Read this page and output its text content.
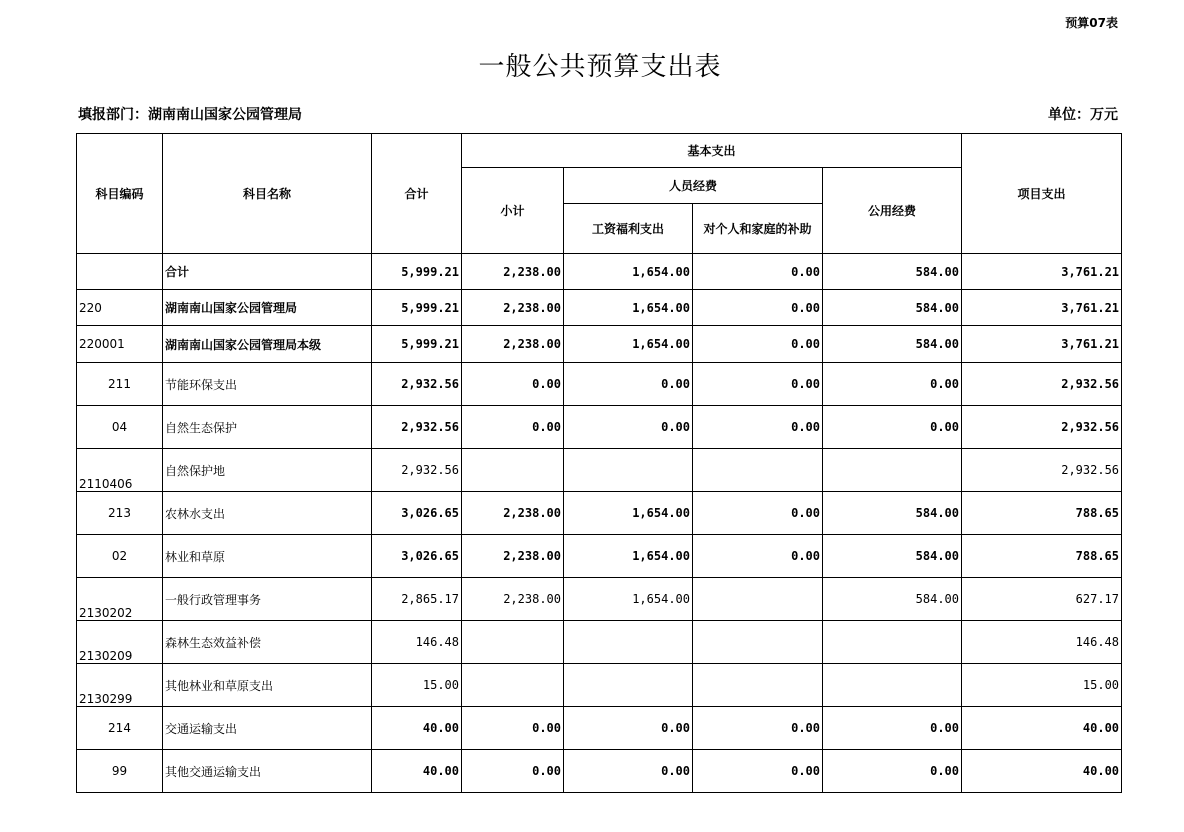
预算07表
一般公共预算支出表
填报部门：湖南南山国家公园管理局	单位：万元
科目编码	科目名称	合计	基本支出				项目支出
			小计	人员经费		公用经费	
				工资福利支出	对个人和家庭的补助		
	合计	5,999.21	2,238.00	1,654.00	0.00	584.00	3,761.21
220	湖南南山国家公园管理局	5,999.21	2,238.00	1,654.00	0.00	584.00	3,761.21
220001	湖南南山国家公园管理局本级	5,999.21	2,238.00	1,654.00	0.00	584.00	3,761.21
211	节能环保支出	2,932.56	0.00	0.00	0.00	0.00	2,932.56
04	自然生态保护	2,932.56	0.00	0.00	0.00	0.00	2,932.56
2110406	自然保护地	2,932.56					2,932.56
213	农林水支出	3,026.65	2,238.00	1,654.00	0.00	584.00	788.65
02	林业和草原	3,026.65	2,238.00	1,654.00	0.00	584.00	788.65
2130202	一般行政管理事务	2,865.17	2,238.00	1,654.00		584.00	627.17
2130209	森林生态效益补偿	146.48					146.48
2130299	其他林业和草原支出	15.00					15.00
214	交通运输支出	40.00	0.00	0.00	0.00	0.00	40.00
99	其他交通运输支出	40.00	0.00	0.00	0.00	0.00	40.00
